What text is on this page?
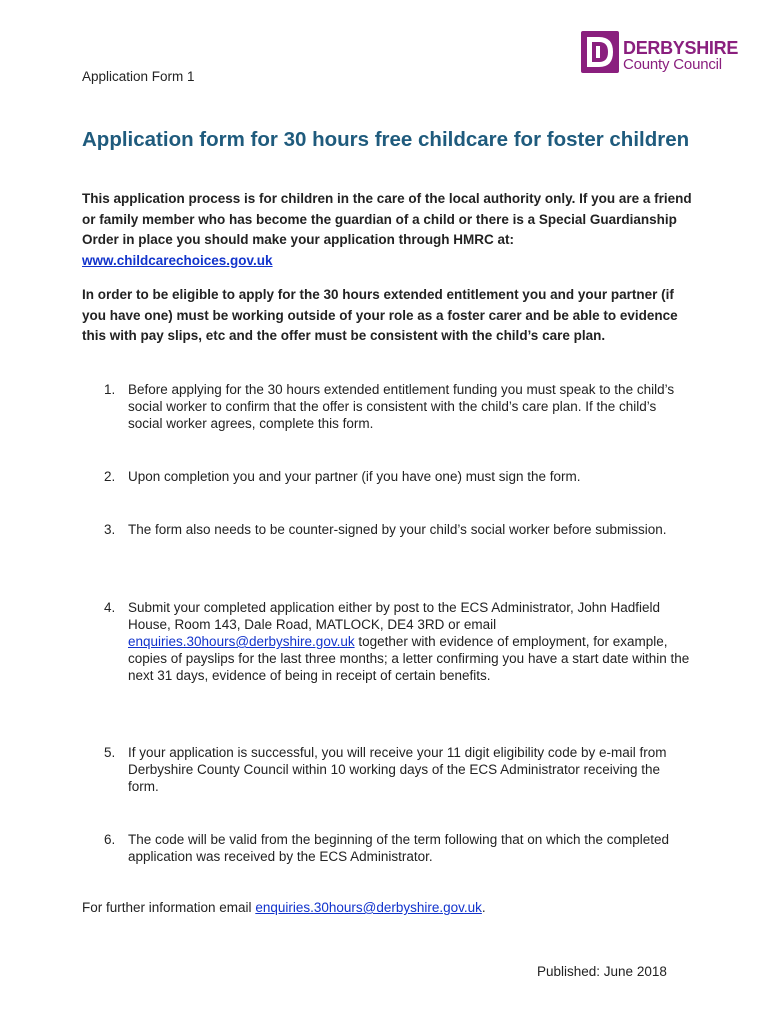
Application Form 1
DERBYSHIRE
County Council
Application form for 30 hours free childcare for foster children
This application process is for children in the care of the local authority only. If you are a friend or family member who has become the guardian of a child or there is a Special Guardianship Order in place you should make your application through HMRC at: www.childcarechoices.gov.uk
In order to be eligible to apply for the 30 hours extended entitlement you and your partner (if you have one) must be working outside of your role as a foster carer and be able to evidence this with pay slips, etc and the offer must be consistent with the child’s care plan.
1. Before applying for the 30 hours extended entitlement funding you must speak to the child’s social worker to confirm that the offer is consistent with the child’s care plan. If the child’s social worker agrees, complete this form.
2. Upon completion you and your partner (if you have one) must sign the form.
3. The form also needs to be counter-signed by your child’s social worker before submission.
4. Submit your completed application either by post to the ECS Administrator, John Hadfield House, Room 143, Dale Road, MATLOCK, DE4 3RD or email enquiries.30hours@derbyshire.gov.uk together with evidence of employment, for example, copies of payslips for the last three months; a letter confirming you have a start date within the next 31 days, evidence of being in receipt of certain benefits.
5. If your application is successful, you will receive your 11 digit eligibility code by e-mail from Derbyshire County Council within 10 working days of the ECS Administrator receiving the form.
6. The code will be valid from the beginning of the term following that on which the completed application was received by the ECS Administrator.
For further information email enquiries.30hours@derbyshire.gov.uk.
Published: June 2018
